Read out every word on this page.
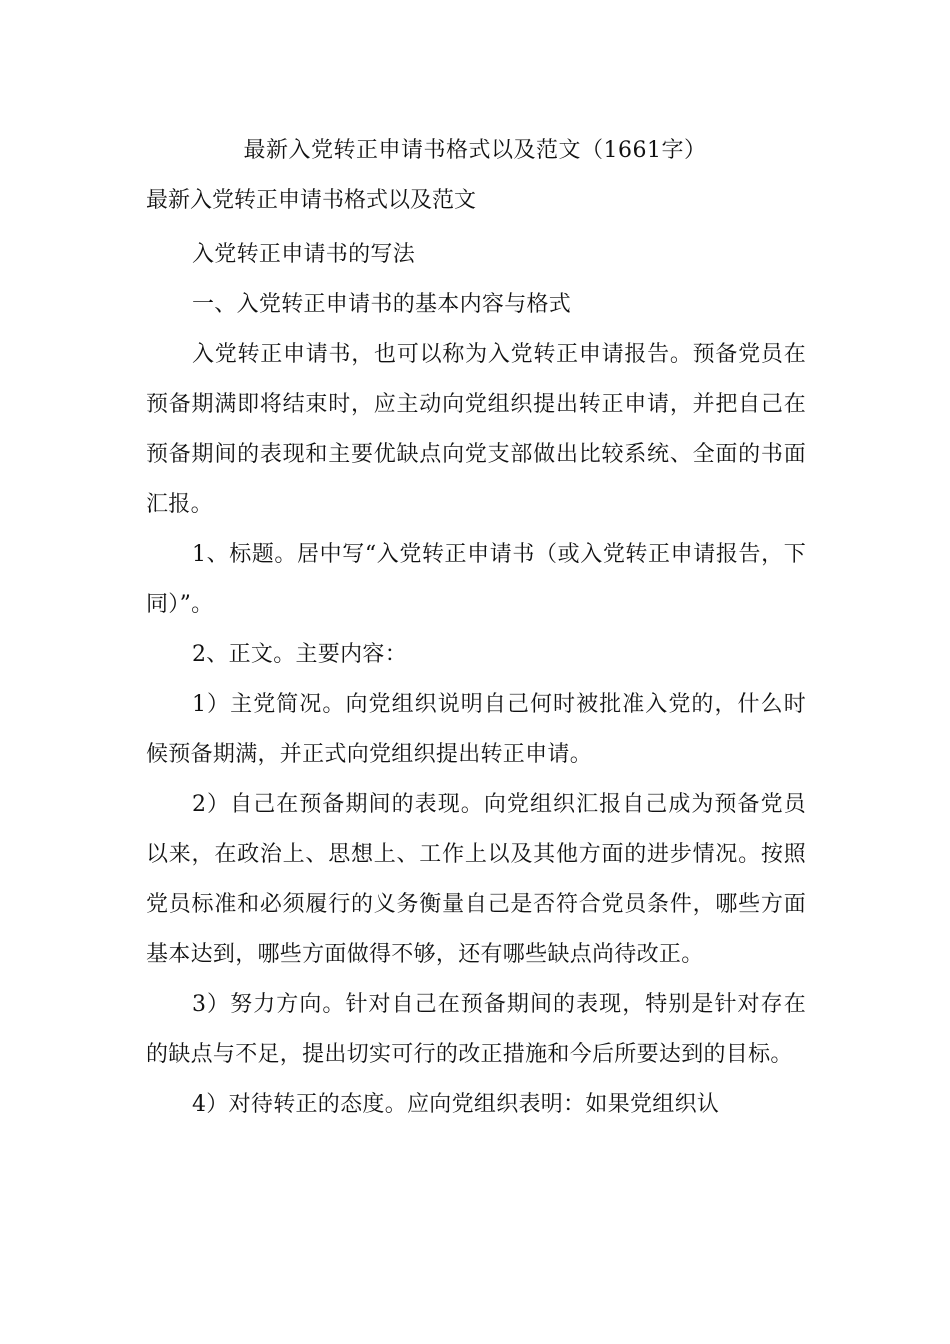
最新入党转正申请书格式以及范文（1661字）
最新入党转正申请书格式以及范文

入党转正申请书的写法

一、入党转正申请书的基本内容与格式

入党转正申请书，也可以称为入党转正申请报告。预备党员在预备期满即将结束时，应主动向党组织提出转正申请，并把自己在预备期间的表现和主要优缺点向党支部做出比较系统、全面的书面汇报。

1、标题。居中写“入党转正申请书（或入党转正申请报告，下同）”。

2、正文。主要内容：

1）主党简况。向党组织说明自己何时被批准入党的，什么时候预备期满，并正式向党组织提出转正申请。

2）自己在预备期间的表现。向党组织汇报自己成为预备党员以来，在政治上、思想上、工作上以及其他方面的进步情况。按照党员标准和必须履行的义务衡量自己是否符合党员条件，哪些方面基本达到，哪些方面做得不够，还有哪些缺点尚待改正。

3）努力方向。针对自己在预备期间的表现，特别是针对存在的缺点与不足，提出切实可行的改正措施和今后所要达到的目标。

4）对待转正的态度。应向党组织表明：如果党组织认
